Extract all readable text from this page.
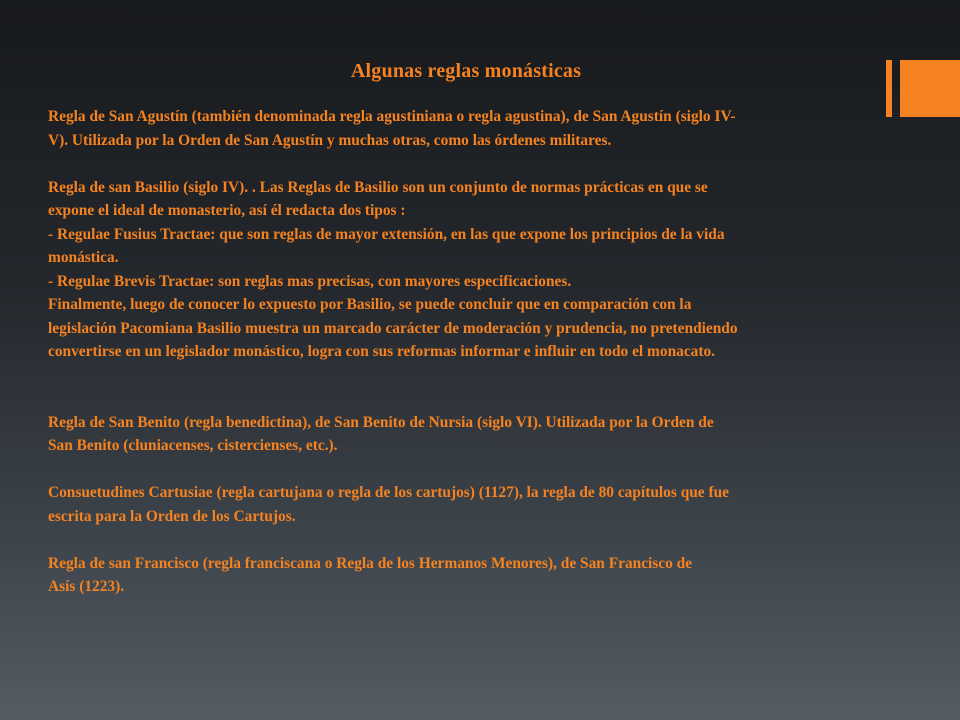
Algunas reglas monásticas
Regla de San Agustín (también denominada regla agustiniana o regla agustina), de San Agustín (siglo IV-
V). Utilizada por la Orden de San Agustín y muchas otras, como las órdenes militares.
Regla de san Basilio (siglo IV). . Las Reglas de Basilio son un conjunto de normas prácticas en que se
expone el ideal de monasterio, así él redacta dos tipos :
- Regulae Fusius Tractae: que son reglas de mayor extensión, en las que expone los principios de la vida
monástica.
- Regulae Brevis Tractae: son reglas mas precisas, con mayores especificaciones.
Finalmente, luego de conocer lo expuesto por Basilio, se puede concluir que en comparación con la
legislación Pacomiana Basilio muestra un marcado carácter de moderación y prudencia, no pretendiendo
convertirse en un legislador monástico, logra con sus reformas informar e influir en todo el monacato.
Regla de San Benito (regla benedictina), de San Benito de Nursia (siglo VI). Utilizada por la Orden de
San Benito (cluniacenses, cistercienses, etc.).
Consuetudines Cartusiae (regla cartujana o regla de los cartujos) (1127), la regla de 80 capítulos que fue
escrita para la Orden de los Cartujos.
Regla de san Francisco (regla franciscana o Regla de los Hermanos Menores), de San Francisco de
Asís (1223).
